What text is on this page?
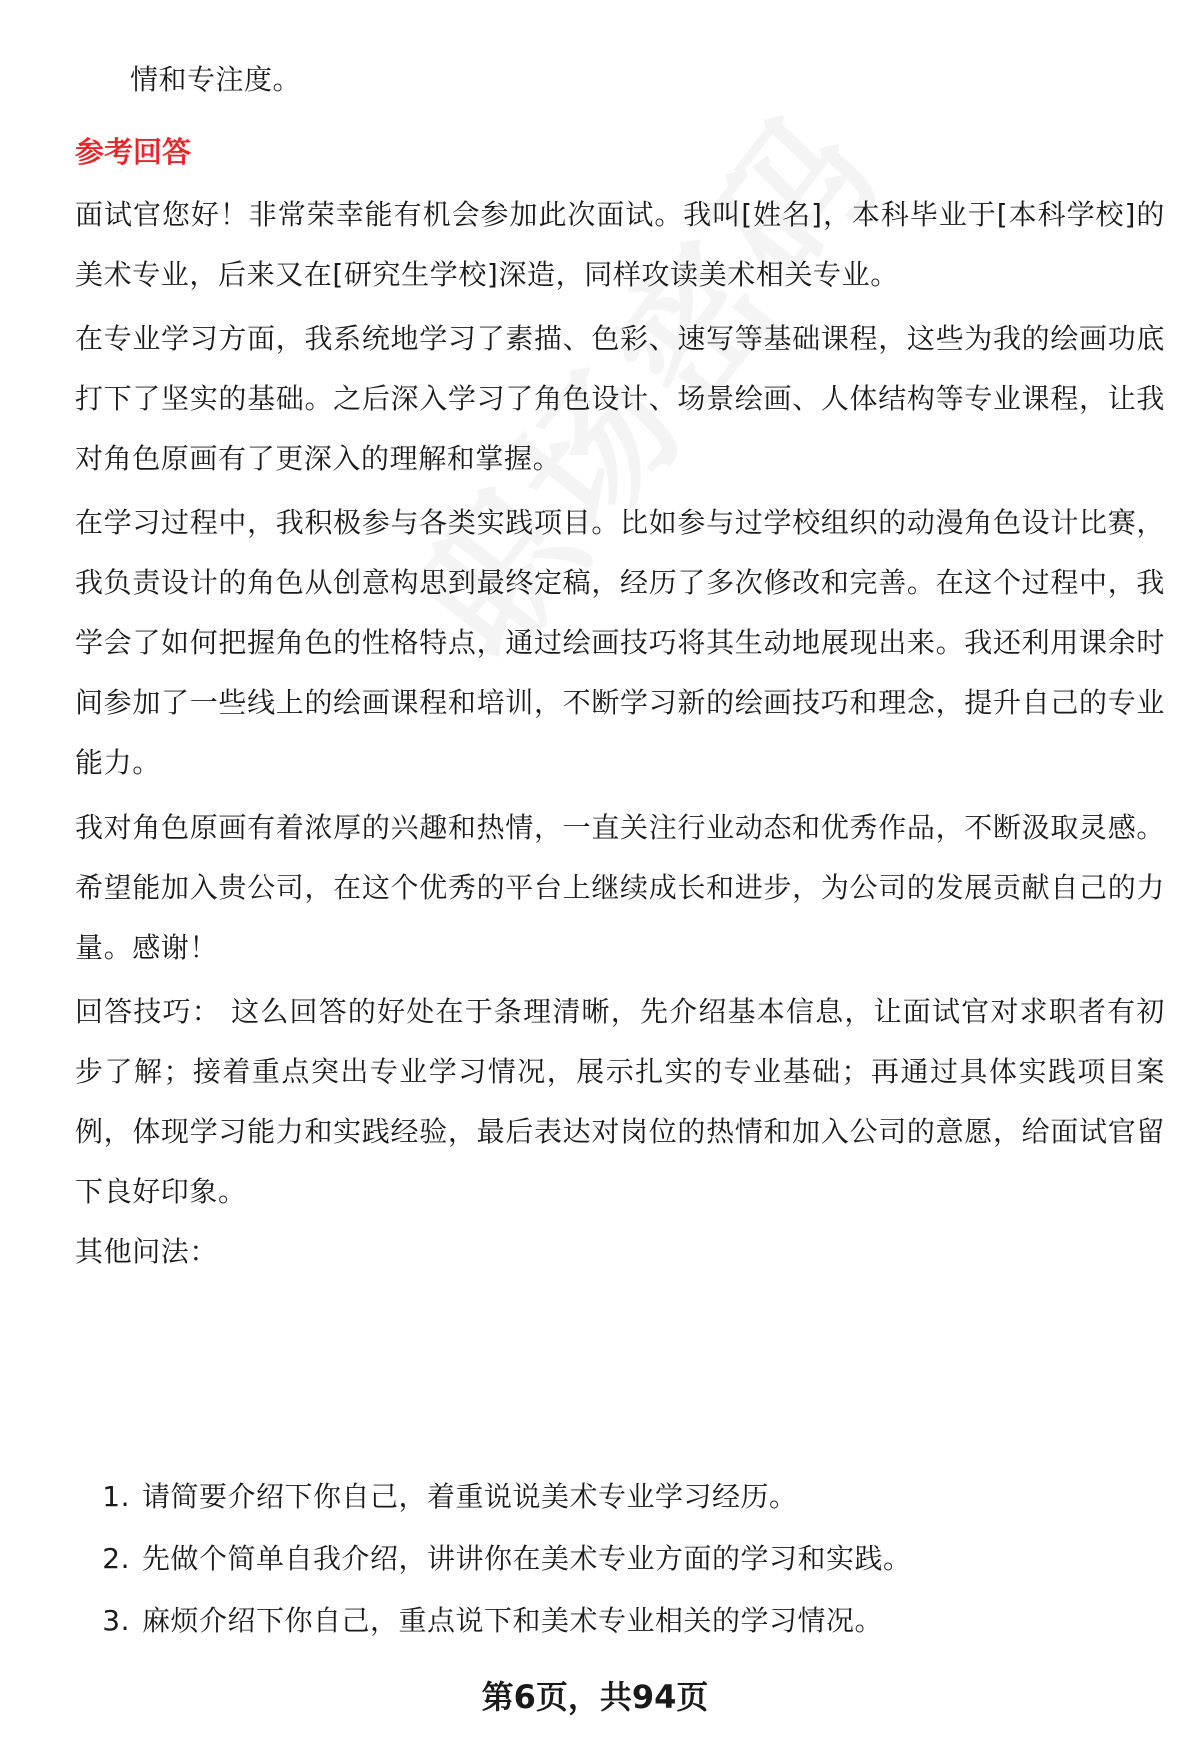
情和专注度。
参考回答

面试官您好！非常荣幸能有机会参加此次面试。我叫[姓名]，本科毕业于[本科学校]的美术专业，后来又在[研究生学校]深造，同样攻读美术相关专业。

在专业学习方面，我系统地学习了素描、色彩、速写等基础课程，这些为我的绘画功底打下了坚实的基础。之后深入学习了角色设计、场景绘画、人体结构等专业课程，让我对角色原画有了更深入的理解和掌握。

在学习过程中，我积极参与各类实践项目。比如参与过学校组织的动漫角色设计比赛，我负责设计的角色从创意构思到最终定稿，经历了多次修改和完善。在这个过程中，我学会了如何把握角色的性格特点，通过绘画技巧将其生动地展现出来。我还利用课余时间参加了一些线上的绘画课程和培训，不断学习新的绘画技巧和理念，提升自己的专业能力。

我对角色原画有着浓厚的兴趣和热情，一直关注行业动态和优秀作品，不断汲取灵感。希望能加入贵公司，在这个优秀的平台上继续成长和进步，为公司的发展贡献自己的力量。感谢！

回答技巧： 这么回答的好处在于条理清晰，先介绍基本信息，让面试官对求职者有初步了解；接着重点突出专业学习情况，展示扎实的专业基础；再通过具体实践项目案例，体现学习能力和实践经验，最后表达对岗位的热情和加入公司的意愿，给面试官留下良好印象。

其他问法：

1. 请简要介绍下你自己，着重说说美术专业学习经历。
2. 先做个简单自我介绍，讲讲你在美术专业方面的学习和实践。
3. 麻烦介绍下你自己，重点说下和美术专业相关的学习情况。
第6页，共94页
